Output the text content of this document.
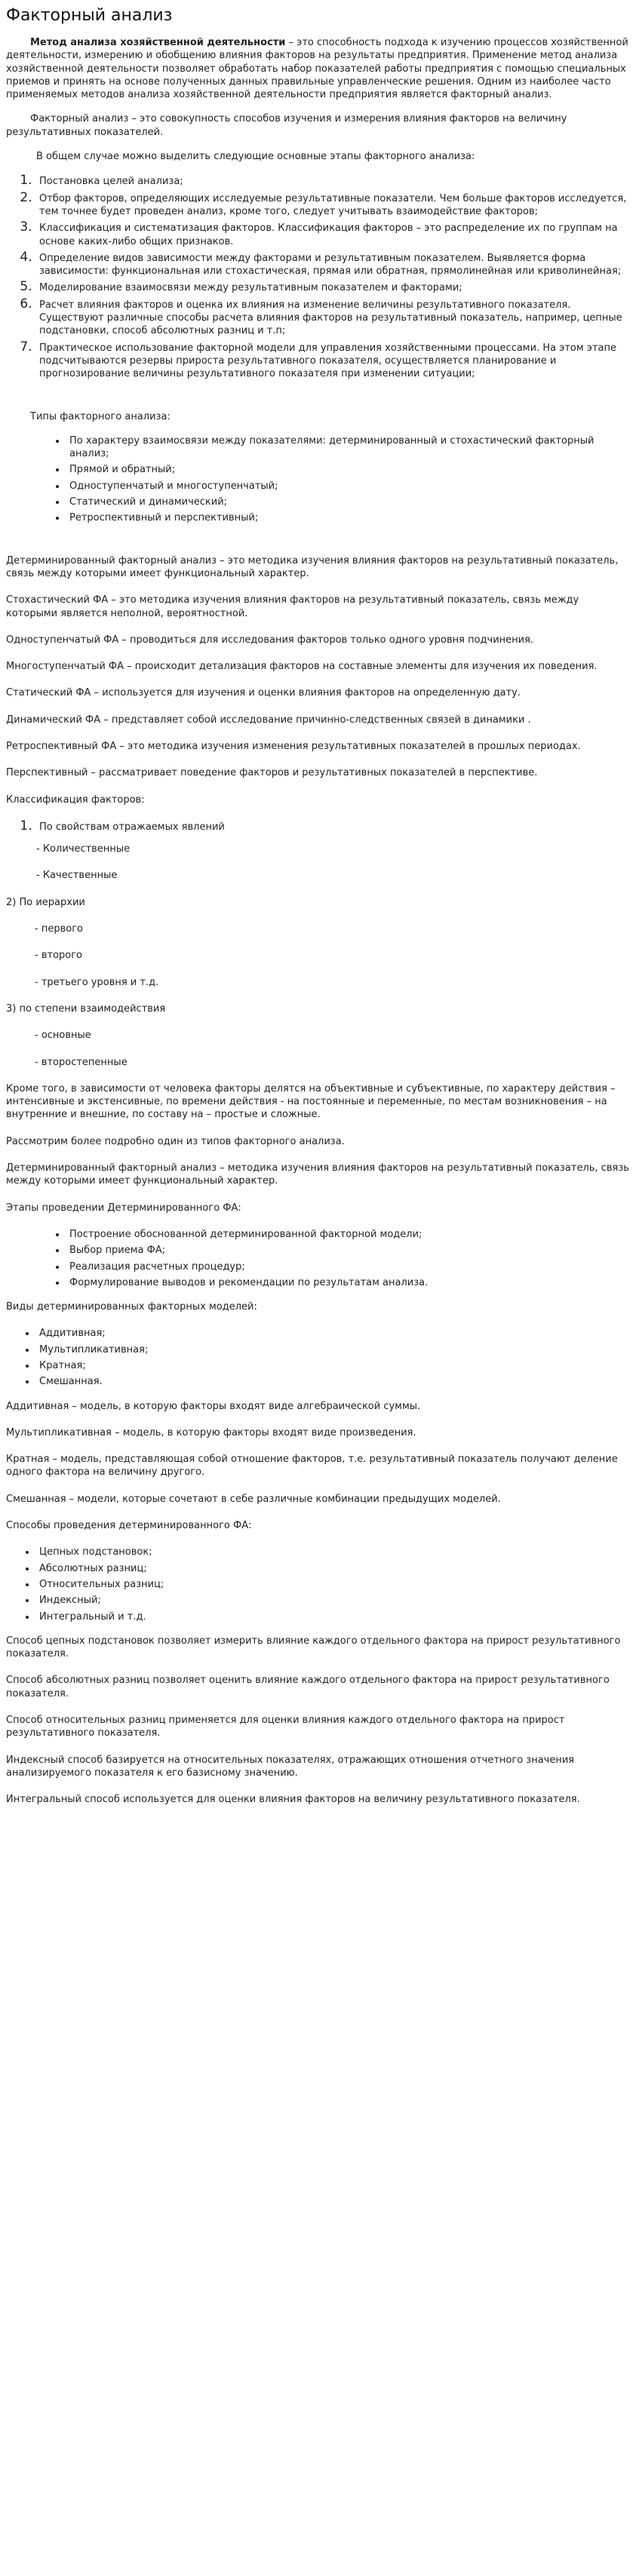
Факторный анализ

Метод анализа хозяйственной деятельности – это способность подхода к изучению процессов хозяйственной деятельности, измерению и обобщению влияния факторов на результаты предприятия. Применение метод анализа хозяйственной деятельности позволяет обработать набор показателей работы предприятия с помощью специальных приемов и принять на основе полученных данных правильные управленческие решения. Одним из наиболее часто применяемых методов анализа хозяйственной деятельности предприятия является факторный анализ.

Факторный анализ – это совокупность способов изучения и измерения влияния факторов на величину результативных показателей.

В общем случае можно выделить следующие основные этапы факторного анализа:

1. Постановка целей анализа;
2. Отбор факторов, определяющих исследуемые результативные показатели. Чем больше факторов исследуется, тем точнее будет проведен анализ, кроме того, следует учитывать взаимодействие факторов;
3. Классификация и систематизация факторов. Классификация факторов – это распределение их по группам на основе каких-либо общих признаков.
4. Определение видов зависимости между факторами и результативным показателем. Выявляется форма зависимости: функциональная или стохастическая, прямая или обратная, прямолинейная или криволинейная;
5. Моделирование взаимосвязи между результативным показателем и факторами;
6. Расчет влияния факторов и оценка их влияния на изменение величины результативного показателя. Существуют различные способы расчета влияния факторов на результативный показатель, например, цепные подстановки, способ абсолютных разниц и т.п;
7. Практическое использование факторной модели для управления хозяйственными процессами. На этом этапе подсчитываются резервы прироста результативного показателя, осуществляется планирование и прогнозирование величины результативного показателя при изменении ситуации;

Типы факторного анализа:

• По характеру взаимосвязи между показателями: детерминированный и стохастический факторный анализ;
• Прямой и обратный;
• Одноступенчатый и многоступенчатый;
• Статический и динамический;
• Ретроспективный и перспективный;

Детерминированный факторный анализ – это методика изучения влияния факторов на результативный показатель, связь между которыми имеет функциональный характер.

Стохастический ФА – это методика изучения влияния факторов на результативный показатель, связь между которыми является неполной, вероятностной.

Одноступенчатый ФА – проводиться для исследования факторов только одного уровня подчинения.

Многоступенчатый ФА – происходит детализация факторов на составные элементы для изучения их поведения.

Статический ФА – используется для изучения и оценки влияния факторов на определенную дату.

Динамический ФА – представляет собой исследование причинно-следственных связей в динамики .

Ретроспективный ФА – это методика изучения изменения результативных показателей в прошлых периодах.

Перспективный – рассматривает поведение факторов и результативных показателей в перспективе.

Классификация факторов:

1. По свойствам отражаемых явлений

- Количественные

- Качественные

2) По иерархии

- первого

- второго

- третьего уровня и т.д.

3) по степени взаимодействия

- основные

- второстепенные

Кроме того, в зависимости от человека факторы делятся на объективные и субъективные, по характеру действия – интенсивные и экстенсивные, по времени действия - на постоянные и переменные, по местам возникновения – на внутренние и внешние, по составу на – простые и сложные.

Рассмотрим более подробно один из типов факторного анализа.

Детерминированный факторный анализ – методика изучения влияния факторов на результативный показатель, связь между которыми имеет функциональный характер.

Этапы проведении Детерминированного ФА:

• Построение обоснованной детерминированной факторной модели;
• Выбор приема ФА;
• Реализация расчетных процедур;
• Формулирование выводов и рекомендации по результатам анализа.

Виды детерминированных факторных моделей:

• Аддитивная;
• Мультипликативная;
• Кратная;
• Смешанная.

Аддитивная – модель, в которую факторы входят виде алгебраической суммы.

Мультипликативная – модель, в которую факторы входят виде произведения.

Кратная – модель, представляющая собой отношение факторов, т.е. результативный показатель получают деление одного фактора на величину другого.

Смешанная – модели, которые сочетают в себе различные комбинации предыдущих моделей.

Способы проведения детерминированного ФА:

• Цепных подстановок;
• Абсолютных разниц;
• Относительных разниц;
• Индексный;
• Интегральный и т.д.

Способ цепных подстановок позволяет измерить влияние каждого отдельного фактора на прирост результативного показателя.

Способ абсолютных разниц позволяет оценить влияние каждого отдельного фактора на прирост результативного показателя.

Способ относительных разниц применяется для оценки влияния каждого отдельного фактора на прирост результативного показателя.

Индексный способ базируется на относительных показателях, отражающих отношения отчетного значения анализируемого показателя к его базисному значению.

Интегральный способ используется для оценки влияния факторов на величину результативного показателя.
